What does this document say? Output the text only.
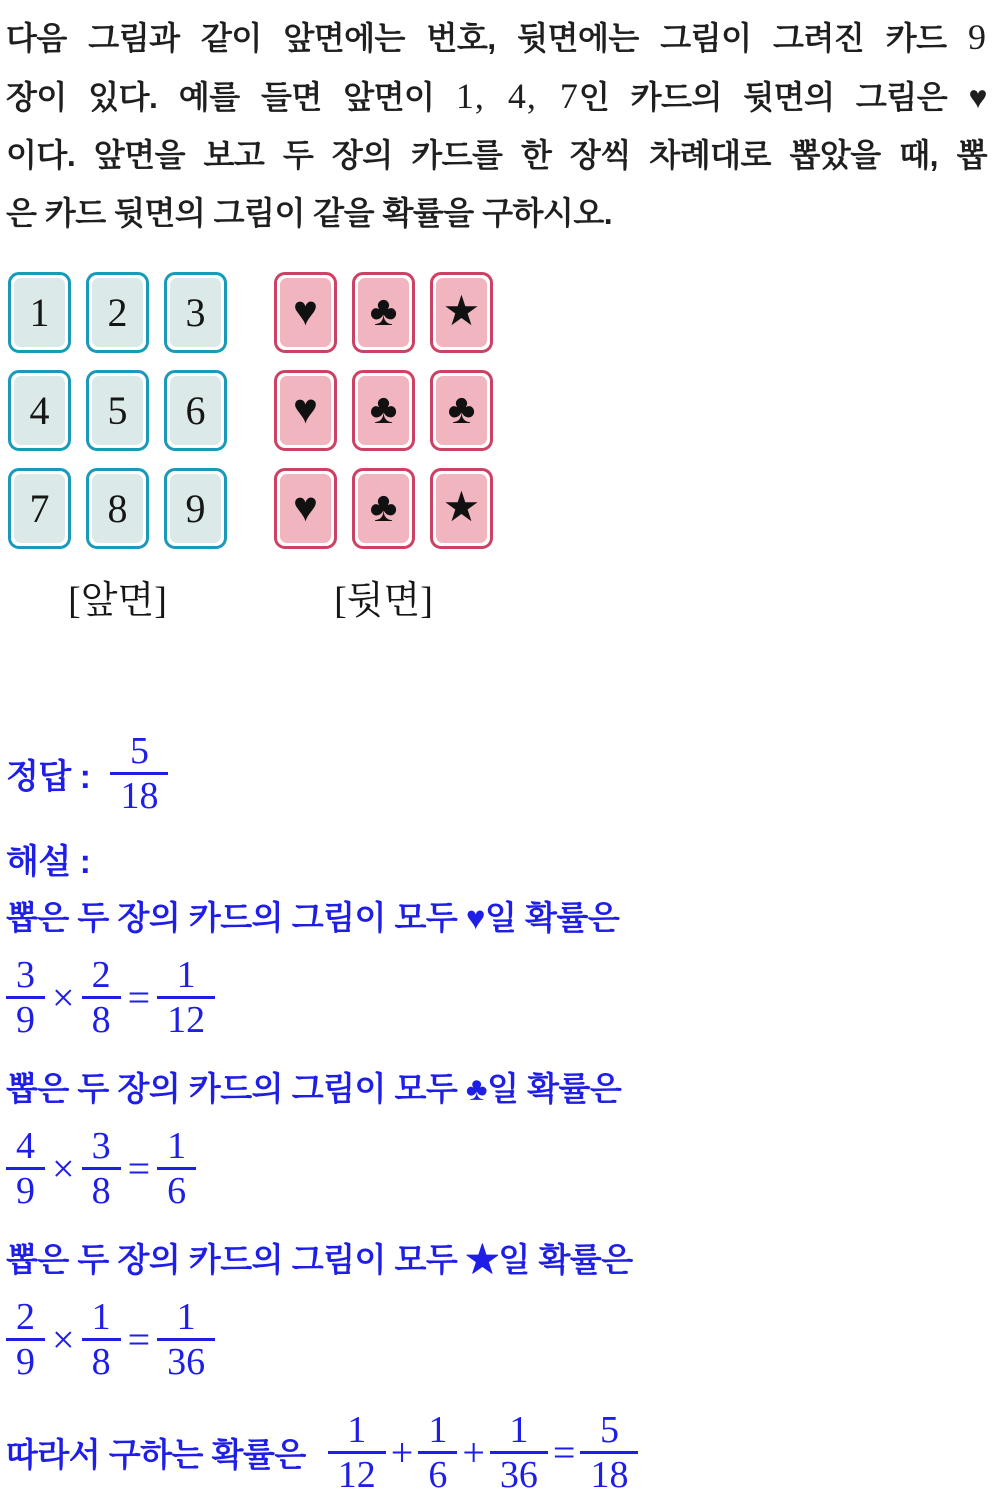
다음 그림과 같이 앞면에는 번호, 뒷면에는 그림이 그려진 카드 9
장이 있다. 예를 들면 앞면이 1, 4, 7인 카드의 뒷면의 그림은 ♥
이다. 앞면을 보고 두 장의 카드를 한 장씩 차례대로 뽑았을 때, 뽑
은 카드 뒷면의 그림이 같을 확률을 구하시오.
1	2	3
4	5	6
7	8	9
♥	♣ ★
♥	♣ ♣
♥	♣ ★
[앞면]	[뒷면]
정답 : $\frac{5}{18}$
해설 :
뽑은 두 장의 카드의 그림이 모두 ♥일 확률은
$\frac{3}{9} \times \frac{2}{8} = \frac{1}{12}$
뽑은 두 장의 카드의 그림이 모두 ♣일 확률은
$\frac{4}{9} \times \frac{3}{8} = \frac{1}{6}$
뽑은 두 장의 카드의 그림이 모두 ★일 확률은
$\frac{2}{9} \times \frac{1}{8} = \frac{1}{36}$
따라서 구하는 확률은 $\frac{1}{12} + \frac{1}{6} + \frac{1}{36} = \frac{5}{18}$
